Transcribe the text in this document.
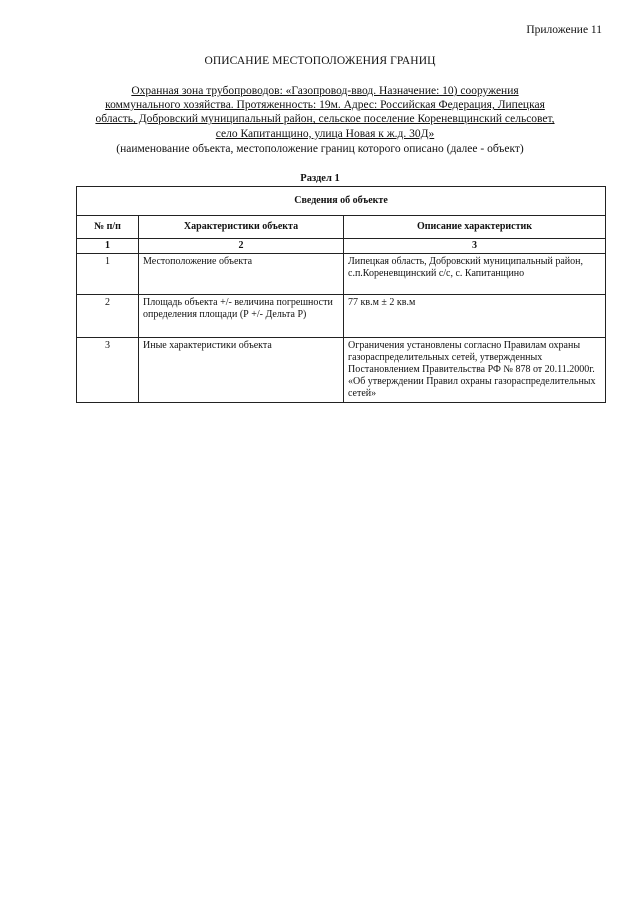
Приложение 11
ОПИСАНИЕ МЕСТОПОЛОЖЕНИЯ ГРАНИЦ
Охранная зона трубопроводов: «Газопровод-ввод. Назначение: 10) сооружения
коммунального хозяйства. Протяженность: 19м. Адрес: Российская Федерация, Липецкая
область, Добровский муниципальный район, сельское поселение Кореневщинский сельсовет,
село Капитанщино, улица Новая к ж.д. 30Д»
(наименование объекта, местоположение границ которого описано (далее - объект)
Раздел 1
Сведения об объекте		
№ п/п	Характеристики объекта	Описание характеристик
1	2	3
1	Местоположение объекта	Липецкая область, Добровский муниципальный район, с.п.Кореневщинский с/с, с. Капитанщино
2	Площадь объекта +/- величина погрешности определения площади (Р +/- Дельта Р)	77 кв.м ± 2 кв.м
3	Иные характеристики объекта	Ограничения установлены согласно Правилам охраны газораспределительных сетей, утвержденных Постановлением Правительства РФ № 878 от 20.11.2000г. «Об утверждении Правил охраны газораспределительных сетей»
